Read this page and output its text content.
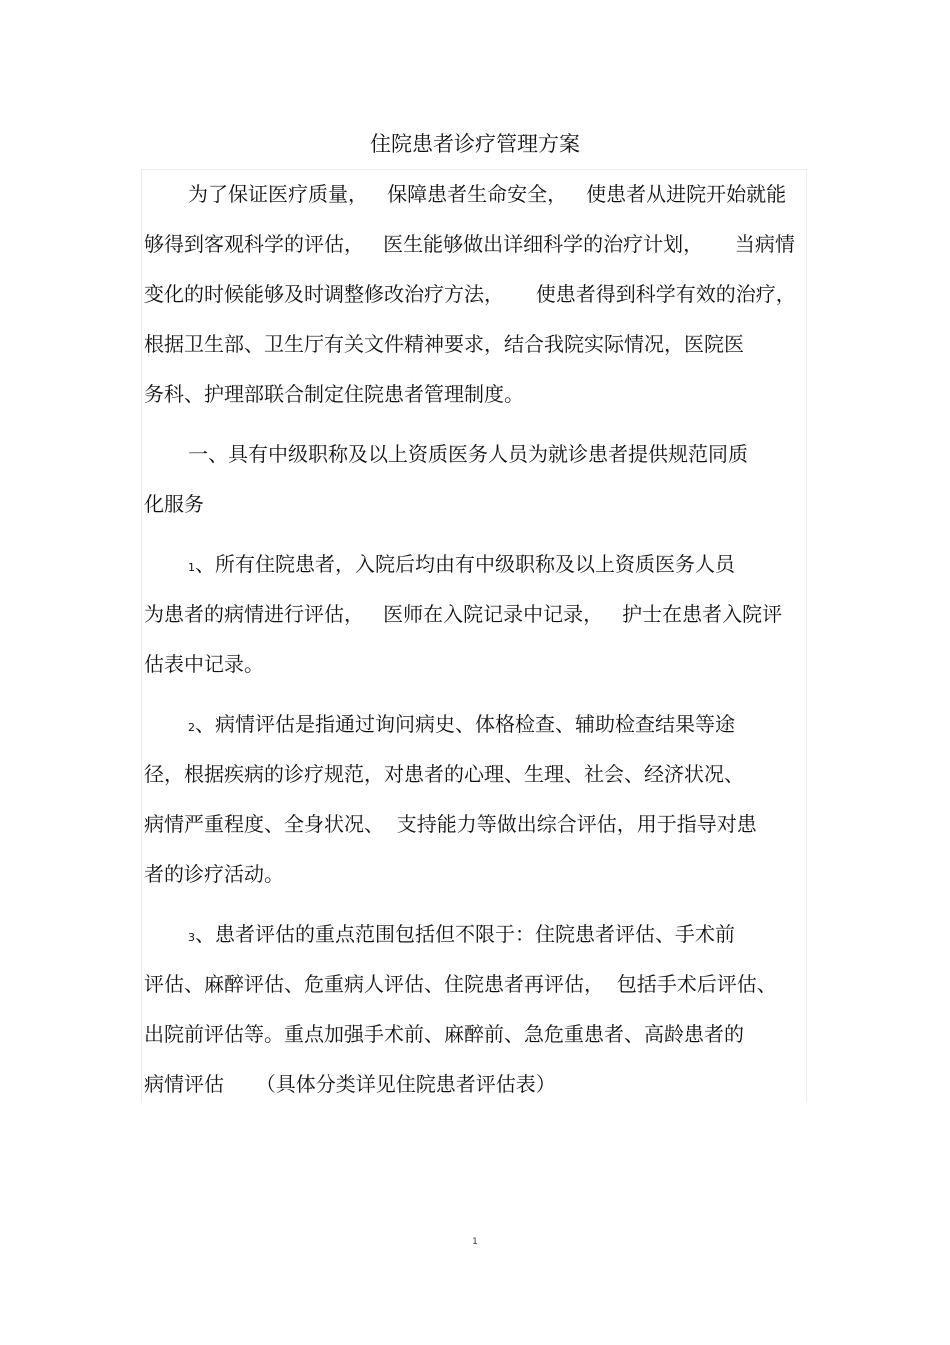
住院患者诊疗管理方案
为了保证医疗质量，   保障患者生命安全，   使患者从进院开始就能
够得到客观科学的评估，   医生能够做出详细科学的治疗计划，     当病情
变化的时候能够及时调整修改治疗方法，     使患者得到科学有效的治疗，
根据卫生部、卫生厅有关文件精神要求，结合我院实际情况，医院医
务科、护理部联合制定住院患者管理制度。
一、具有中级职称及以上资质医务人员为就诊患者提供规范同质
化服务
1、所有住院患者，入院后均由有中级职称及以上资质医务人员
为患者的病情进行评估，   医师在入院记录中记录，   护士在患者入院评
估表中记录。
2、病情评估是指通过询问病史、体格检查、辅助检查结果等途
径，根据疾病的诊疗规范，对患者的心理、生理、社会、经济状况、
病情严重程度、全身状况、  支持能力等做出综合评估，用于指导对患
者的诊疗活动。
3、患者评估的重点范围包括但不限于：住院患者评估、手术前
评估、麻醉评估、危重病人评估、住院患者再评估，  包括手术后评估、
出院前评估等。重点加强手术前、麻醉前、急危重患者、高龄患者的
病情评估     （具体分类详见住院患者评估表）
1
